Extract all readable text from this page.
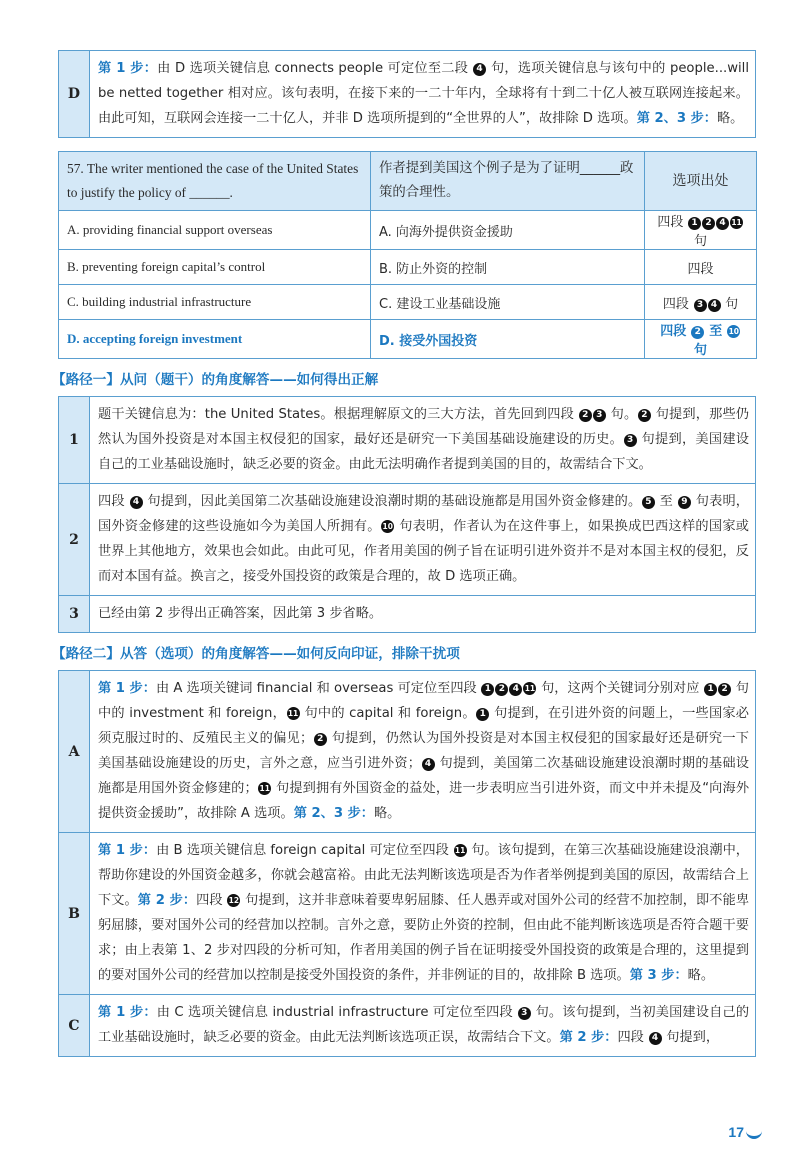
D	第 1 步：由 D 选项关键信息 connects people 可定位至二段 4 句，选项关键信息与该句中的 people...will be netted together 相对应。该句表明，在接下来的一二十年内，全球将有十到二十亿人被互联网连接起来。由此可知，互联网会连接一二十亿人，并非 D 选项所提到的“全世界的人”，故排除 D 选项。第 2、3 步：略。
57. The writer mentioned the case of the United States to justify the policy of ______.	作者提到美国这个例子是为了证明______政策的合理性。	选项出处
A. providing financial support overseas	A. 向海外提供资金援助	四段 1 2 4 11 句
B. preventing foreign capital’s control	B. 防止外资的控制	四段
C. building industrial infrastructure	C. 建设工业基础设施	四段 3 4 句
D. accepting foreign investment	D. 接受外国投资	四段 2 至 10 句
【路径一】从问（题干）的角度解答——如何得出正解
1	题干关键信息为：the United States。根据理解原文的三大方法，首先回到四段 2 3 句。 2 句提到，那些仍然认为国外投资是对本国主权侵犯的国家，最好还是研究一下美国基础设施建设的历史。 3 句提到，美国建设自己的工业基础设施时，缺乏必要的资金。由此无法明确作者提到美国的目的，故需结合下文。
2	四段 4 句提到，因此美国第二次基础设施建设浪潮时期的基础设施都是用国外资金修建的。 5 至 9 句表明，国外资金修建的这些设施如今为美国人所拥有。 10 句表明，作者认为在这件事上，如果换成巴西这样的国家或世界上其他地方，效果也会如此。由此可见，作者用美国的例子旨在证明引进外资并不是对本国主权的侵犯，反而对本国有益。换言之，接受外国投资的政策是合理的，故 D 选项正确。
3	已经由第 2 步得出正确答案，因此第 3 步省略。
【路径二】从答（选项）的角度解答——如何反向印证，排除干扰项
A	第 1 步：由 A 选项关键词 financial 和 overseas 可定位至四段 1 2 4 11 句，这两个关键词分别对应 1 2 句中的 investment 和 foreign， 11 句中的 capital 和 foreign。 1 句提到，在引进外资的问题上，一些国家必须克服过时的、反殖民主义的偏见； 2 句提到，仍然认为国外投资是对本国主权侵犯的国家最好还是研究一下美国基础设施建设的历史，言外之意，应当引进外资； 4 句提到，美国第二次基础设施建设浪潮时期的基础设施都是用国外资金修建的； 11 句提到拥有外国资金的益处，进一步表明应当引进外资，而文中并未提及“向海外提供资金援助”，故排除 A 选项。第 2、3 步：略。
B	第 1 步：由 B 选项关键信息 foreign capital 可定位至四段 11 句。该句提到，在第三次基础设施建设浪潮中，帮助你建设的外国资金越多，你就会越富裕。由此无法判断该选项是否为作者举例提到美国的原因，故需结合上下文。第 2 步：四段 12 句提到，这并非意味着要卑躬屈膝、任人愚弄或对国外公司的经营不加控制，即不能卑躬屈膝，要对国外公司的经营加以控制。言外之意，要防止外资的控制，但由此不能判断该选项是否符合题干要求；由上表第 1、2 步对四段的分析可知，作者用美国的例子旨在证明接受外国投资的政策是合理的，这里提到的要对国外公司的经营加以控制是接受外国投资的条件，并非例证的目的，故排除 B 选项。第 3 步：略。
C	第 1 步：由 C 选项关键信息 industrial infrastructure 可定位至四段 3 句。该句提到，当初美国建设自己的工业基础设施时，缺乏必要的资金。由此无法判断该选项正误，故需结合下文。第 2 步：四段 4 句提到，
17
